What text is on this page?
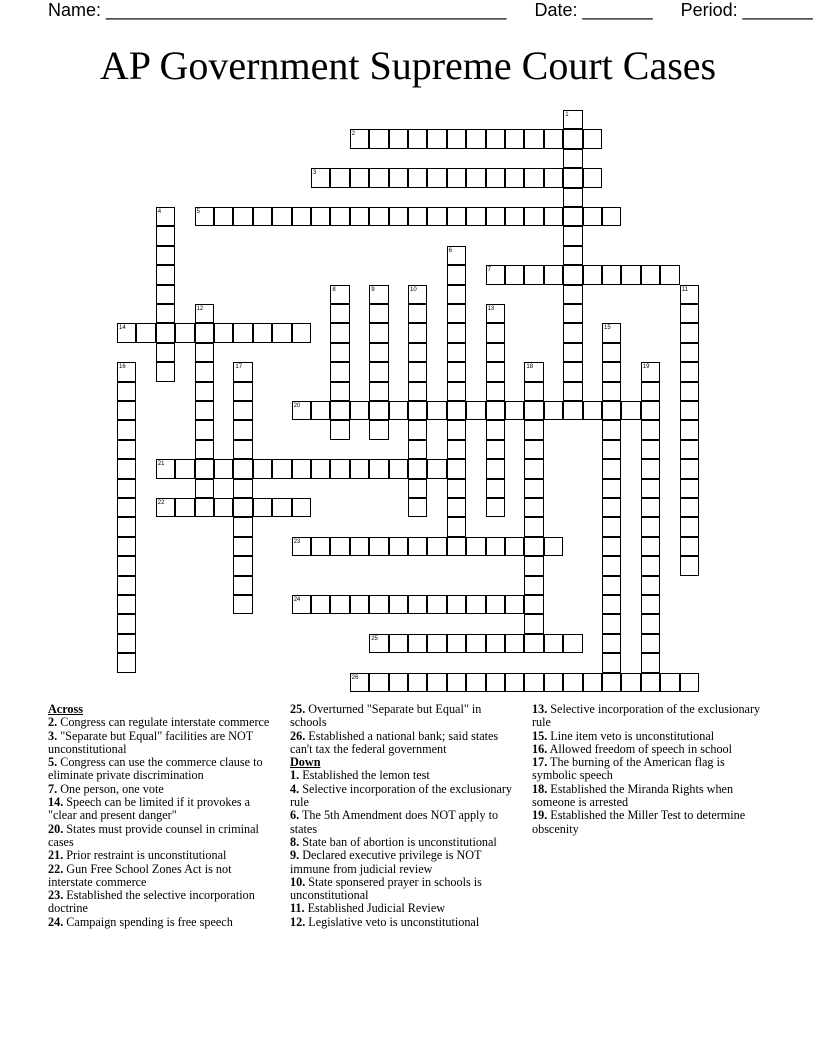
Name: ________________________________________ Date: _______ Period: _______
AP Government Supreme Court Cases
1
2
3
4	5
6
7
8	9	10	11
12	13
14	15
16	17	18	19
20
21
22
23
24
25
26
Across
2. Congress can regulate interstate commerce
3. "Separate but Equal" facilities are NOT unconstitutional
5. Congress can use the commerce clause to eliminate private discrimination
7. One person, one vote
14. Speech can be limited if it provokes a "clear and present danger"
20. States must provide counsel in criminal cases
21. Prior restraint is unconstitutional
22. Gun Free School Zones Act is not interstate commerce
23. Established the selective incorporation doctrine
24. Campaign spending is free speech
25. Overturned "Separate but Equal" in schools
26. Established a national bank; said states can't tax the federal government
Down
1. Established the lemon test
4. Selective incorporation of the exclusionary rule
6. The 5th Amendment does NOT apply to states
8. State ban of abortion is unconstitutional
9. Declared executive privilege is NOT immune from judicial review
10. State sponsered prayer in schools is unconstitutional
11. Established Judicial Review
12. Legislative veto is unconstitutional
13. Selective incorporation of the exclusionary rule
15. Line item veto is unconstitutional
16. Allowed freedom of speech in school
17. The burning of the American flag is symbolic speech
18. Established the Miranda Rights when someone is arrested
19. Established the Miller Test to determine obscenity
